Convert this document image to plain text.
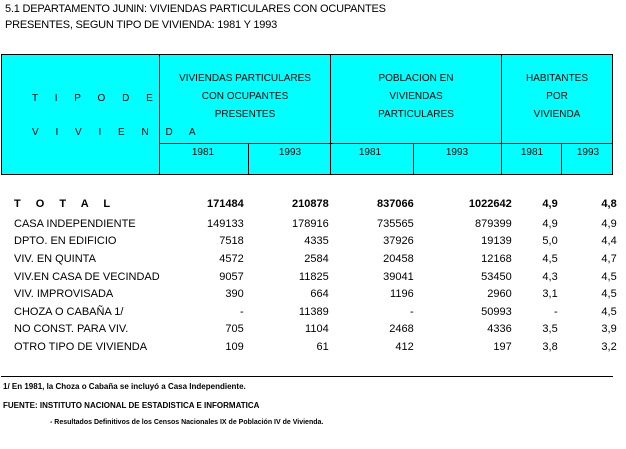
5.1 DEPARTAMENTO JUNIN: VIVIENDAS PARTICULARES CON OCUPANTES
PRESENTES, SEGUN TIPO DE VIVIENDA: 1981 Y 1993
T I P O D E
V I V I E N D A
VIVIENDAS PARTICULARES
CON OCUPANTES
PRESENTES
POBLACION EN
VIVIENDAS
PARTICULARES
HABITANTES
POR
VIVIENDA
1981	1993	1981	1993	1981	1993
T O T A L	171484	210878	837066	1022642	4,9	4,8
CASA INDEPENDIENTE	149133	178916	735565	879399	4,9	4,9
DPTO. EN EDIFICIO	7518	4335	37926	19139	5,0	4,4
VIV. EN QUINTA	4572	2584	20458	12168	4,5	4,7
VIV.EN CASA DE VECINDAD	9057	11825	39041	53450	4,3	4,5
VIV. IMPROVISADA	390	664	1196	2960	3,1	4,5
CHOZA O CABAÑA 1/	-	11389	-	50993	-	4,5
NO CONST. PARA VIV.	705	1104	2468	4336	3,5	3,9
OTRO TIPO DE VIVIENDA	109	61	412	197	3,8	3,2
1/ En 1981, la Choza o Cabaña se incluyó a Casa Independiente.
FUENTE: INSTITUTO NACIONAL DE ESTADISTICA E INFORMATICA
- Resultados Definitivos de los Censos Nacionales IX de Población IV de Vivienda.
